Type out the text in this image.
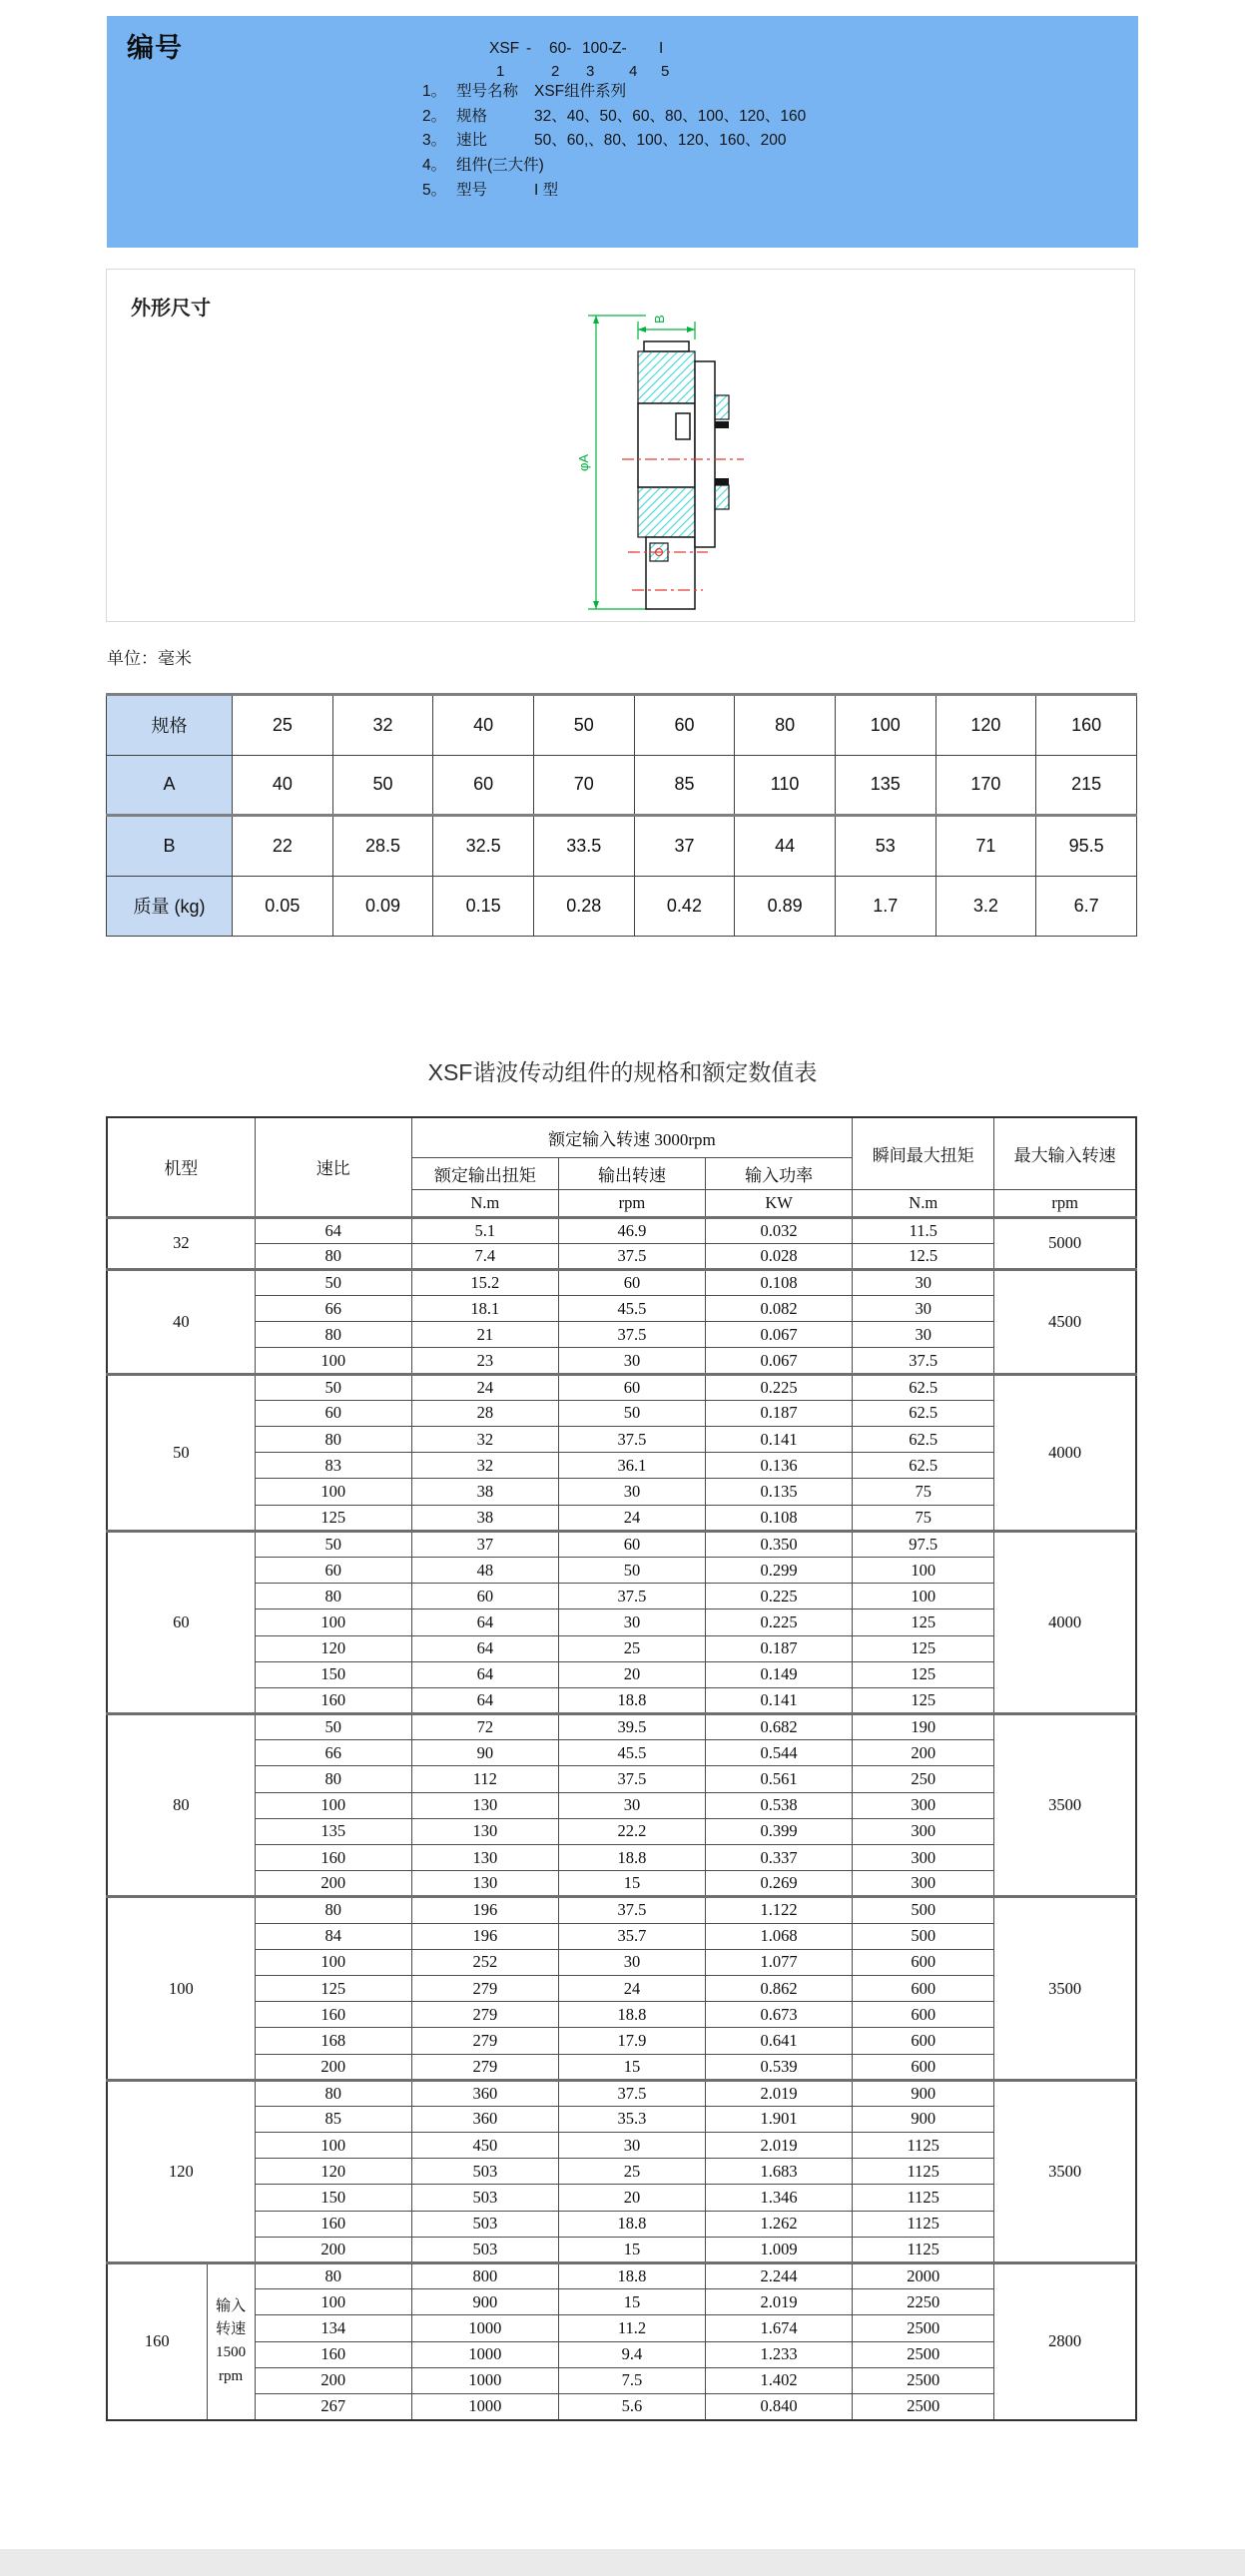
编号	XSF - 60- 100-
Z- I
1	2 3 4 5
1。 型号名称	XSF组件系列
2。 规格	32、40、50、60、80、100、120、160
3。 速比	50、60,、80、100、120、160、200
4。 组件(三大件)
5。 型号	I 型
外形尺寸
φA
B
单位：毫米
规格	25	32	40	50	60	80	100	120	160
A	40	50	60	70	85	110	135	170	215
B	22	28.5	32.5	33.5	37	44	53	71	95.5
质量 (kg)	0.05	0.09	0.15	0.28	0.42	0.89	1.7	3.2	6.7
XSF谐波传动组件的规格和额定数值表
机型		速比	额定输入转速 3000rpm			瞬间最大扭矩	最大输入转速
			额定输出扭矩	输出转速	输入功率		
			N.m	rpm	KW	N.m	rpm
32		64	5.1	46.9	0.032	11.5	5000
		80	7.4	37.5	0.028	12.5	
40		50	15.2	60	0.108	30	4500
		66	18.1	45.5	0.082	30	
		80	21	37.5	0.067	30	
		100	23	30	0.067	37.5	
50		50	24	60	0.225	62.5	4000
		60	28	50	0.187	62.5	
		80	32	37.5	0.141	62.5	
		83	32	36.1	0.136	62.5	
		100	38	30	0.135	75	
		125	38	24	0.108	75	
60		50	37	60	0.350	97.5	4000
		60	48	50	0.299	100	
		80	60	37.5	0.225	100	
		100	64	30	0.225	125	
		120	64	25	0.187	125	
		150	64	20	0.149	125	
		160	64	18.8	0.141	125	
80		50	72	39.5	0.682	190	3500
		66	90	45.5	0.544	200	
		80	112	37.5	0.561	250	
		100	130	30	0.538	300	
		135	130	22.2	0.399	300	
		160	130	18.8	0.337	300	
		200	130	15	0.269	300	
100		80	196	37.5	1.122	500	3500
		84	196	35.7	1.068	500	
		100	252	30	1.077	600	
		125	279	24	0.862	600	
		160	279	18.8	0.673	600	
		168	279	17.9	0.641	600	
		200	279	15	0.539	600	
120		80	360	37.5	2.019	900	3500
		85	360	35.3	1.901	900	
		100	450	30	2.019	1125	
		120	503	25	1.683	1125	
		150	503	20	1.346	1125	
		160	503	18.8	1.262	1125	
		200	503	15	1.009	1125	
160	输入
转速
1500
rpm	80	800	18.8	2.244	2000	2800
		100	900	15	2.019	2250	
		134	1000	11.2	1.674	2500	
		160	1000	9.4	1.233	2500	
		200	1000	7.5	1.402	2500	
		267	1000	5.6	0.840	2500	
